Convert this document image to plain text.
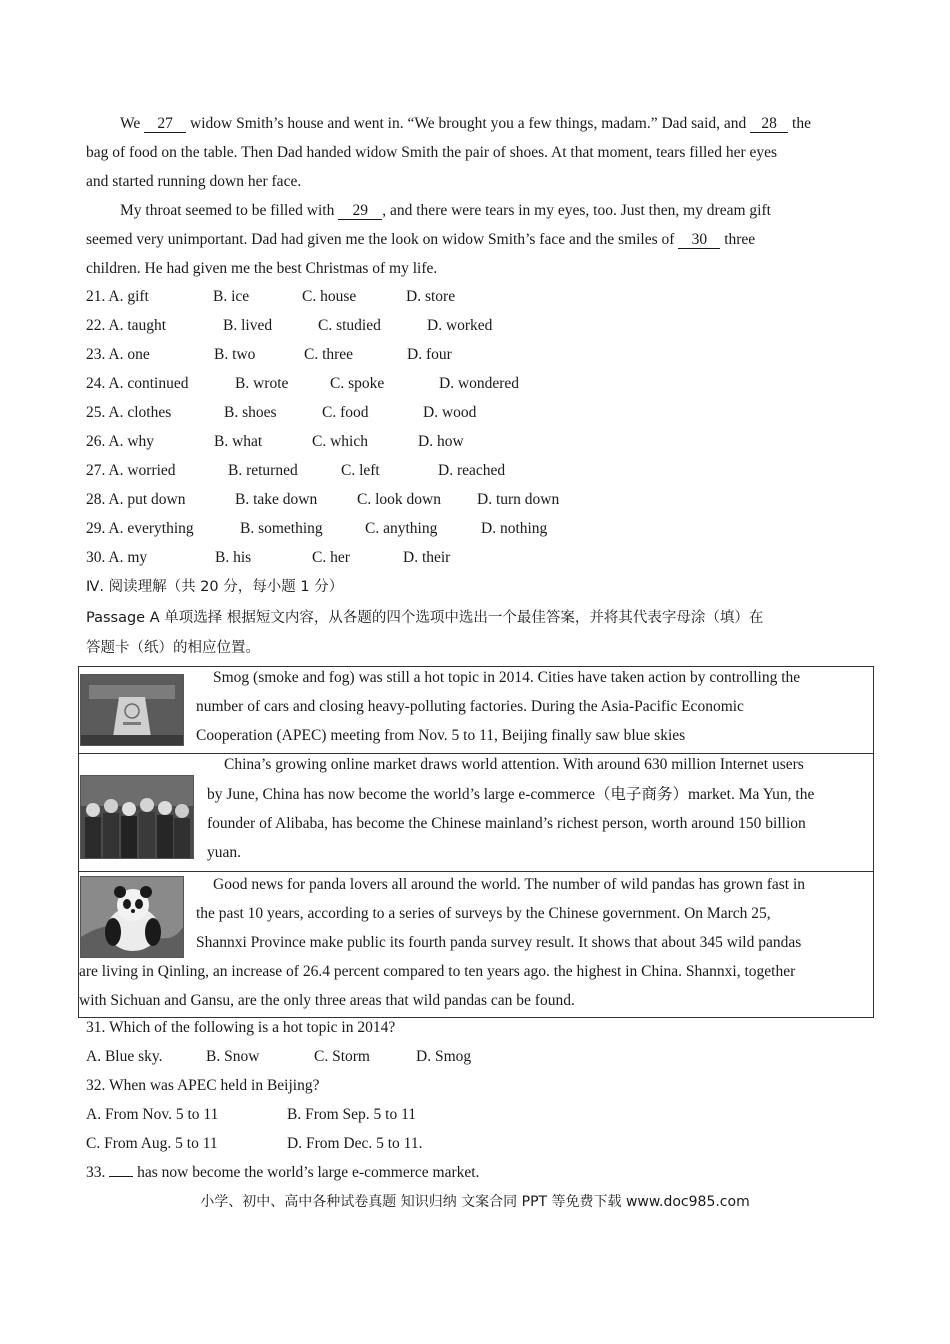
We 27 widow Smith’s house and went in. “We brought you a few things, madam.” Dad said, and 28 the
bag of food on the table. Then Dad handed widow Smith the pair of shoes. At that moment, tears filled her eyes
and started running down her face.
My throat seemed to be filled with 29 , and there were tears in my eyes, too. Just then, my dream gift
seemed very unimportant. Dad had given me the look on widow Smith’s face and the smiles of 30 three
children. He had given me the best Christmas of my life.
21. A. gift	B. ice	C. house	D. store
22. A. taught	B. lived	C. studied	D. worked
23. A. one	B. two	C. three	D. four
24. A. continued	B. wrote	C. spoke	D. wondered
25. A. clothes	B. shoes	C. food	D. wood
26. A. why	B. what	C. which	D. how
27. A. worried	B. returned	C. left	D. reached
28. A. put down	B. take down	C. look down D. turn down
29. A. everything	B. something	C. anything	D. nothing
30. A. my	B. his	C. her	D. their
Ⅳ. 阅读理解（共 20 分，每小题 1 分）
Passage A 单项选择 根据短文内容，从各题的四个选项中选出一个最佳答案，并将其代表字母涂（填）在
答题卡（纸）的相应位置。
Smog (smoke and fog) was still a hot topic in 2014. Cities have taken action by controlling the
number of cars and closing heavy-polluting factories. During the Asia-Pacific Economic
Cooperation (APEC) meeting from Nov. 5 to 11, Beijing finally saw blue skies
China’s growing online market draws world attention. With around 630 million Internet users
by June, China has now become the world’s large e-commerce（电子商务）market. Ma Yun, the
founder of Alibaba, has become the Chinese mainland’s richest person, worth around 150 billion
yuan.
Good news for panda lovers all around the world. The number of wild pandas has grown fast in
the past 10 years, according to a series of surveys by the Chinese government. On March 25,
Shannxi Province make public its fourth panda survey result. It shows that about 345 wild pandas
are living in Qinling, an increase of 26.4 percent compared to ten years ago. the highest in China. Shannxi, together
with Sichuan and Gansu, are the only three areas that wild pandas can be found.
31. Which of the following is a hot topic in 2014?
A. Blue sky.	B. Snow	C. Storm	D. Smog
32. When was APEC held in Beijing?
A. From Nov. 5 to 11	B. From Sep. 5 to 11
C. From Aug. 5 to 11	D. From Dec. 5 to 11.
33.  has now become the world’s large e-commerce market.
小学、初中、高中各种试卷真题 知识归纳 文案合同 PPT 等免费下载 www.doc985.com
